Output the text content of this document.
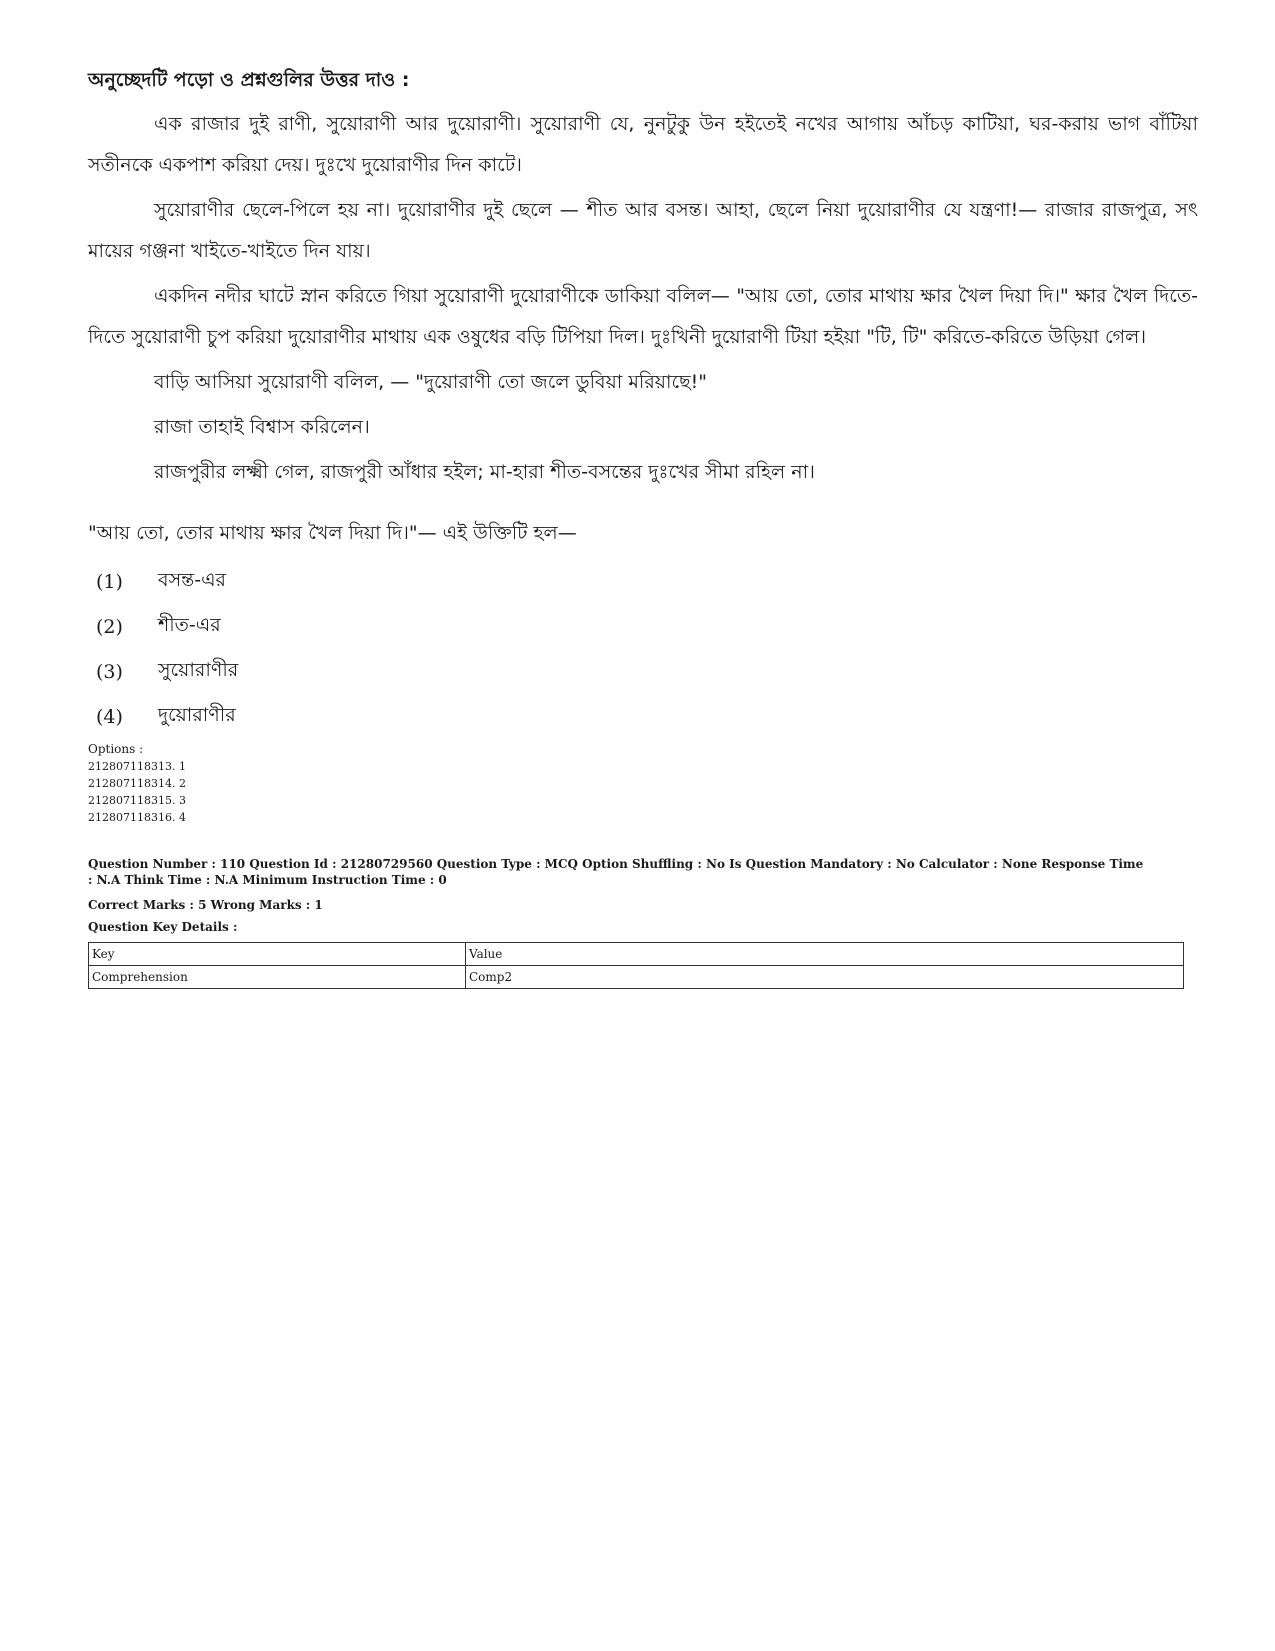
অনুচ্ছেদটি পড়ো ও প্রশ্নগুলির উত্তর দাও :

এক রাজার দুই রাণী, সুয়োরাণী আর দুয়োরাণী। সুয়োরাণী যে, নুনটুকু উন হইতেই নখের আগায় আঁচড় কাটিয়া, ঘর-করায় ভাগ বাঁটিয়া সতীনকে একপাশ করিয়া দেয়। দুঃখে দুয়োরাণীর দিন কাটে।

সুয়োরাণীর ছেলে-পিলে হয় না। দুয়োরাণীর দুই ছেলে — শীত আর বসন্ত। আহা, ছেলে নিয়া দুয়োরাণীর যে যন্ত্রণা!— রাজার রাজপুত্র, সৎ মায়ের গঞ্জনা খাইতে-খাইতে দিন যায়।

একদিন নদীর ঘাটে স্নান করিতে গিয়া সুয়োরাণী দুয়োরাণীকে ডাকিয়া বলিল— "আয় তো, তোর মাথায় ক্ষার খৈল দিয়া দি।" ক্ষার খৈল দিতে-দিতে সুয়োরাণী চুপ করিয়া দুয়োরাণীর মাথায় এক ওষুধের বড়ি টিপিয়া দিল। দুঃখিনী দুয়োরাণী টিয়া হইয়া "টি, টি" করিতে-করিতে উড়িয়া গেল।

বাড়ি আসিয়া সুয়োরাণী বলিল, — "দুয়োরাণী তো জলে ডুবিয়া মরিয়াছে!"

রাজা তাহাই বিশ্বাস করিলেন।

রাজপুরীর লক্ষ্মী গেল, রাজপুরী আঁধার হইল; মা-হারা শীত-বসন্তের দুঃখের সীমা রহিল না।

"আয় তো, তোর মাথায় ক্ষার খৈল দিয়া দি।"— এই উক্তিটি হল—
(1)	বসন্ত-এর
(2)	শীত-এর
(3)	সুয়োরাণীর
(4)	দুয়োরাণীর
Options :
212807118313. 1
212807118314. 2
212807118315. 3
212807118316. 4
Question Number : 110 Question Id : 21280729560 Question Type : MCQ Option Shuffling : No Is Question Mandatory : No Calculator : None Response Time : N.A Think Time : N.A Minimum Instruction Time : 0
Correct Marks : 5 Wrong Marks : 1
Question Key Details :
Key	Value
Comprehension	Comp2
